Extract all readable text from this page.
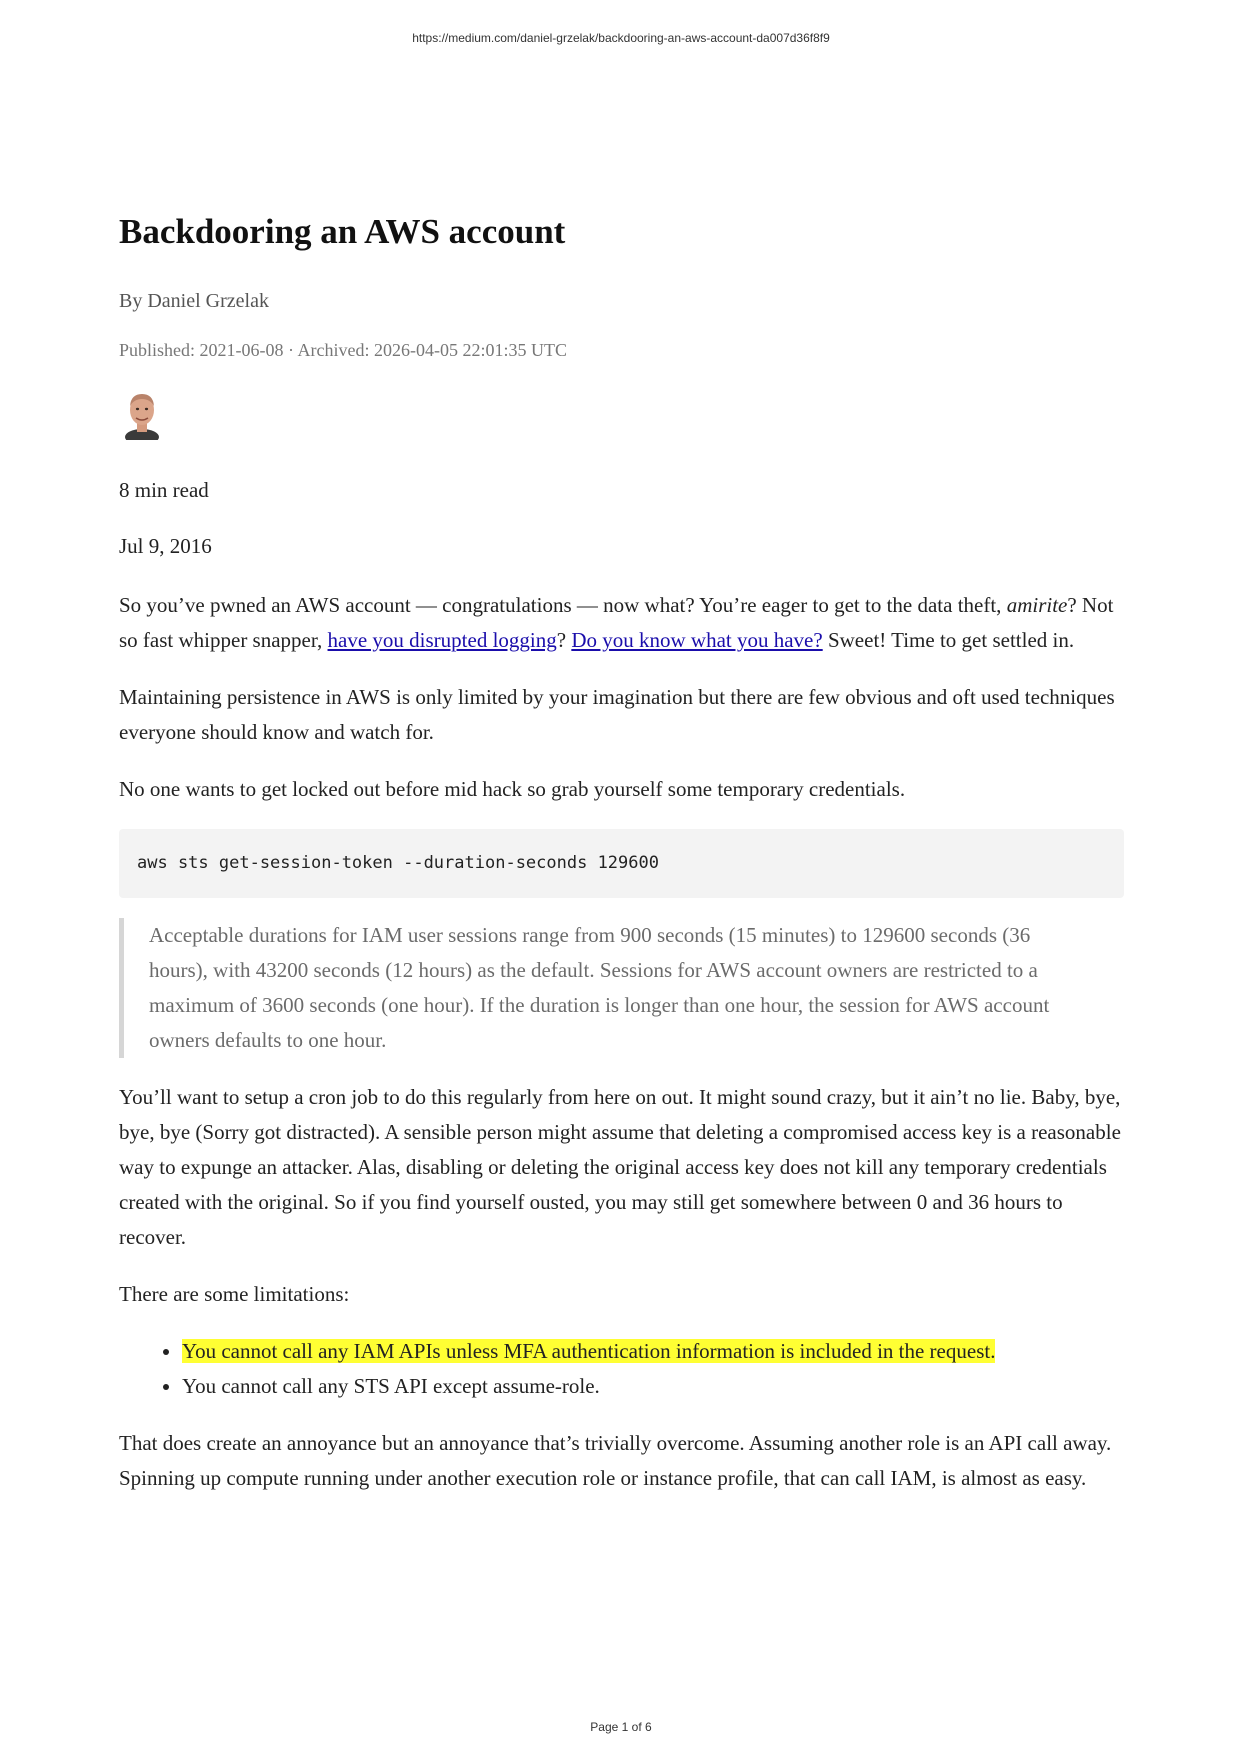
https://medium.com/daniel-grzelak/backdooring-an-aws-account-da007d36f8f9
Backdooring an AWS account
By Daniel Grzelak
Published: 2021-06-08 · Archived: 2026-04-05 22:01:35 UTC
8 min read
Jul 9, 2016

So you’ve pwned an AWS account — congratulations — now what? You’re eager to get to the data theft, amirite? Not so fast whipper snapper, have you disrupted logging? Do you know what you have? Sweet! Time to get settled in.

Maintaining persistence in AWS is only limited by your imagination but there are few obvious and oft used techniques everyone should know and watch for.

No one wants to get locked out before mid hack so grab yourself some temporary credentials.

aws sts get-session-token --duration-seconds 129600

Acceptable durations for IAM user sessions range from 900 seconds (15 minutes) to 129600 seconds (36 hours), with 43200 seconds (12 hours) as the default. Sessions for AWS account owners are restricted to a maximum of 3600 seconds (one hour). If the duration is longer than one hour, the session for AWS account owners defaults to one hour.

You’ll want to setup a cron job to do this regularly from here on out. It might sound crazy, but it ain’t no lie. Baby, bye, bye, bye (Sorry got distracted). A sensible person might assume that deleting a compromised access key is a reasonable way to expunge an attacker. Alas, disabling or deleting the original access key does not kill any temporary credentials created with the original. So if you find yourself ousted, you may still get somewhere between 0 and 36 hours to recover.

There are some limitations:

• You cannot call any IAM APIs unless MFA authentication information is included in the request.
• You cannot call any STS API except assume-role.

That does create an annoyance but an annoyance that’s trivially overcome. Assuming another role is an API call away. Spinning up compute running under another execution role or instance profile, that can call IAM, is almost as easy.

Page 1 of 6
